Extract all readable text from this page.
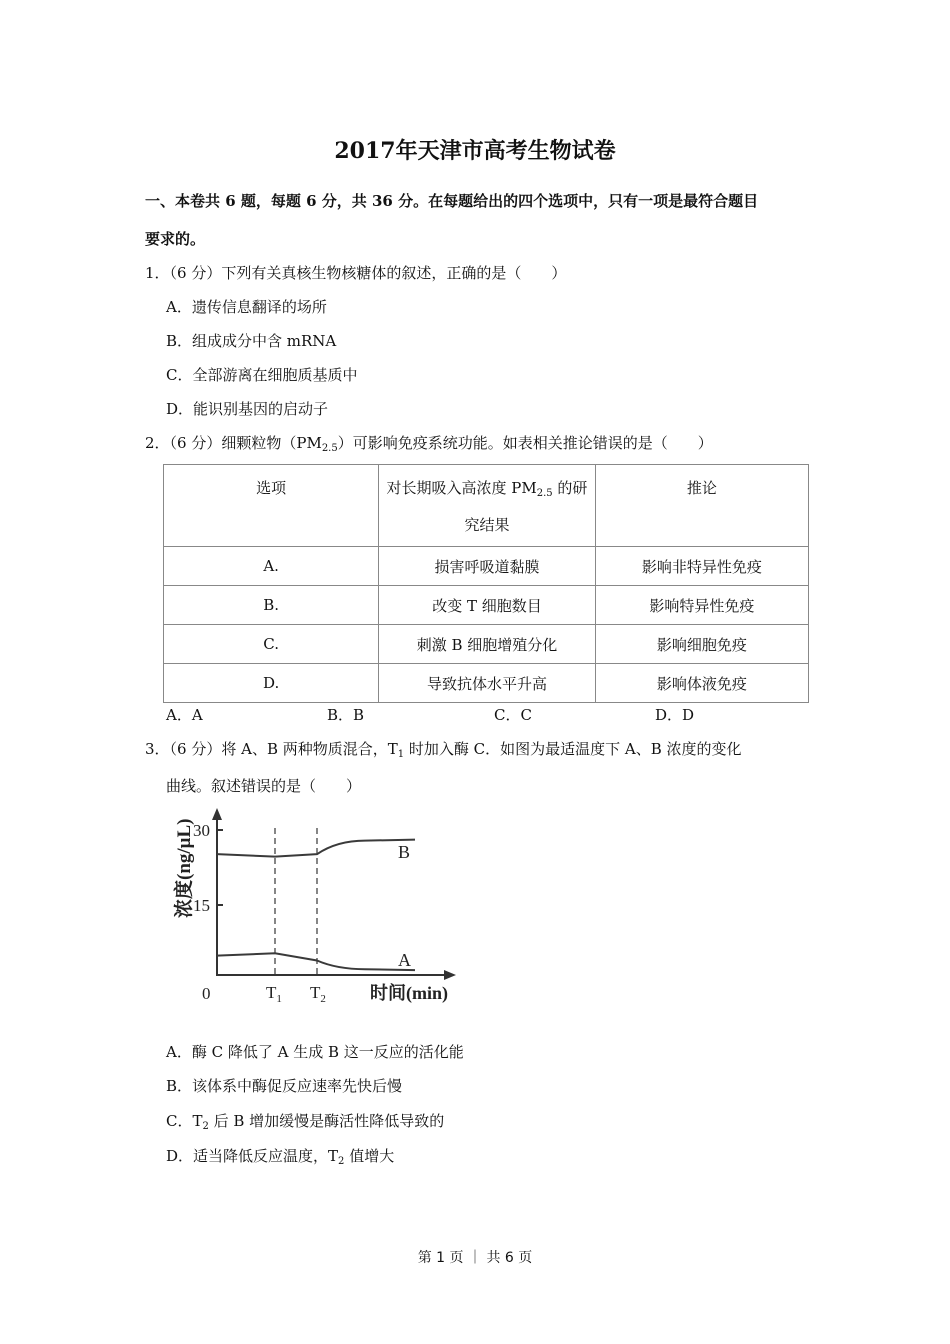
2017年天津市高考生物试卷
一、本卷共 6 题，每题 6 分，共 36 分。在每题给出的四个选项中，只有一项是最符合题目
要求的。
1．（6 分）下列有关真核生物核糖体的叙述，正确的是（　　）
A．遗传信息翻译的场所
B．组成成分中含 mRNA
C．全部游离在细胞质基质中
D．能识别基因的启动子
2．（6 分）细颗粒物$(PM_{2.5})$可影响免疫系统功能。如表相关推论错误的是（　　）
选项	对长期吸入高浓度 $PM_{2.5}$ 的研究结果	推论
A.	损害呼吸道黏膜	影响非特异性免疫
B.	改变 T 细胞数目	影响特异性免疫
C.	刺激 B 细胞增殖分化	影响细胞免疫
D.	导致抗体水平升高	影响体液免疫
A．A	B．B	C．C	D．D
3．（6 分）将 A、B 两种物质混合，$T_1$ 时加入酶 C．如图为最适温度下 A、B 浓度的变化
曲线。叙述错误的是（　　）
浓度(ng/μL)
30
15
0	$T_1$ $T_2$ 时间(min)
B
A
A．酶 C 降低了 A 生成 B 这一反应的活化能
B．该体系中酶促反应速率先快后慢
C．$T_2$ 后 B 增加缓慢是酶活性降低导致的
D．适当降低反应温度，$T_2$ 值增大
第 1 页 ｜ 共 6 页
